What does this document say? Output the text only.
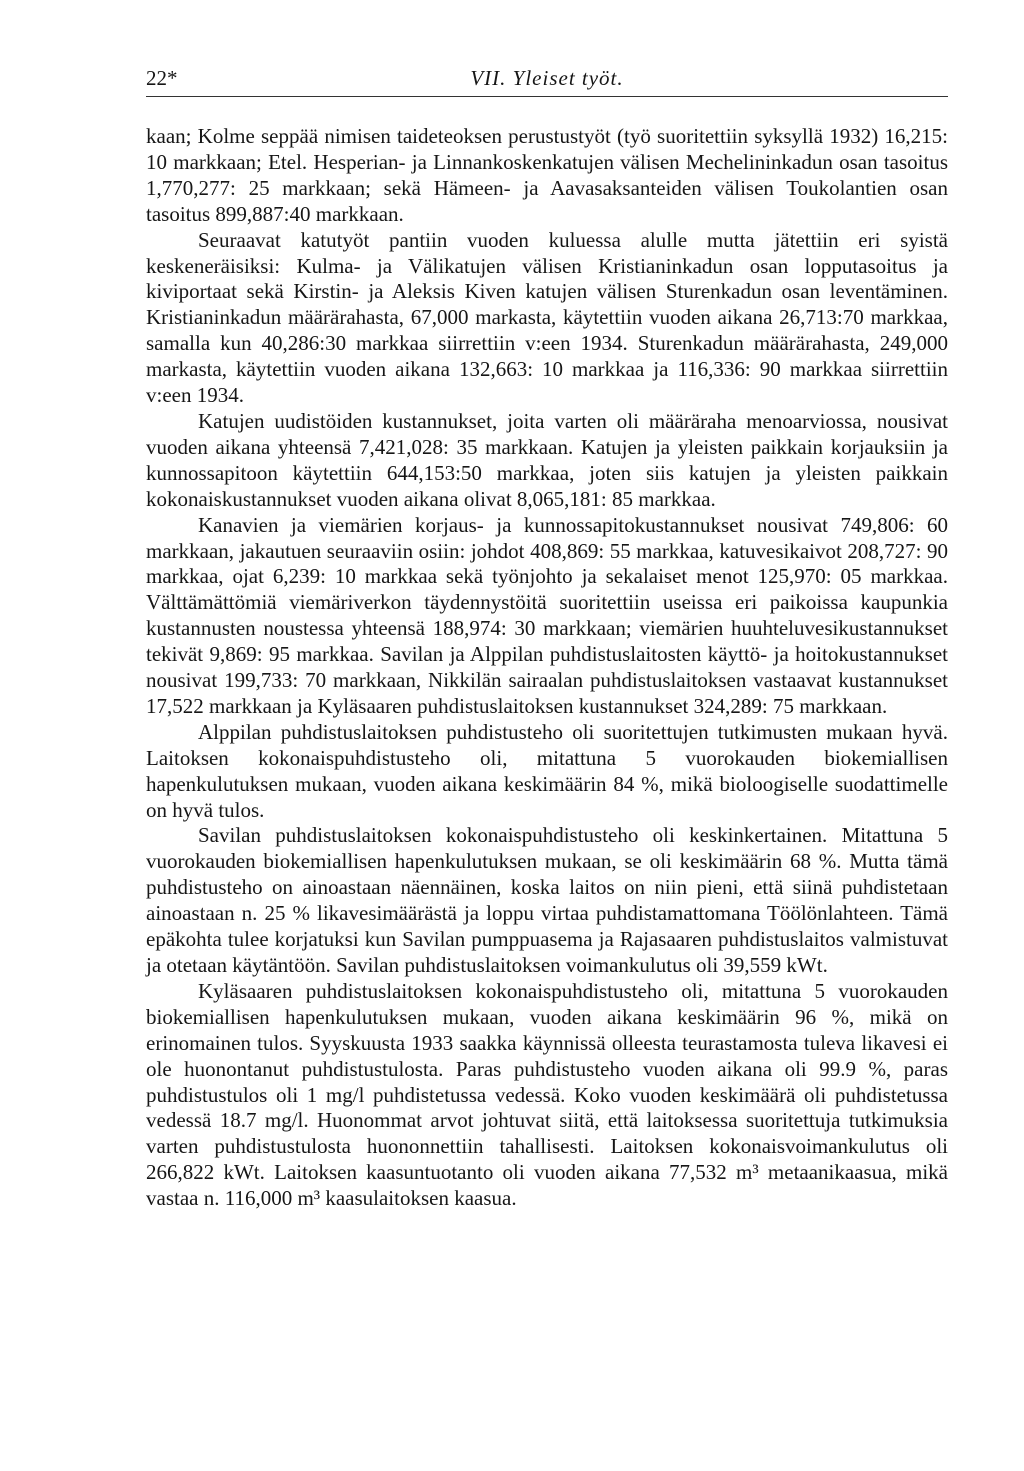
22*	VII. Yleiset työt.

kaan; Kolme seppää nimisen taideteoksen perustustyöt (työ suoritettiin syksyllä 1932) 16,215: 10 markkaan; Etel. Hesperian- ja Linnankoskenkatujen välisen Mechelininkadun osan tasoitus 1,770,277: 25 markkaan; sekä Hämeen- ja Aavasaksanteiden välisen Toukolantien osan tasoitus 899,887:40 markkaan.

Seuraavat katutyöt pantiin vuoden kuluessa alulle mutta jätettiin eri syistä keskeneräisiksi: Kulma- ja Välikatujen välisen Kristianinkadun osan lopputasoitus ja kiviportaat sekä Kirstin- ja Aleksis Kiven katujen välisen Sturenkadun osan leventäminen. Kristianinkadun määrärahasta, 67,000 markasta, käytettiin vuoden aikana 26,713:70 markkaa, samalla kun 40,286:30 markkaa siirrettiin v:een 1934. Sturenkadun määrärahasta, 249,000 markasta, käytettiin vuoden aikana 132,663: 10 markkaa ja 116,336: 90 markkaa siirrettiin v:een 1934.

Katujen uudistöiden kustannukset, joita varten oli määräraha menoarviossa, nousivat vuoden aikana yhteensä 7,421,028: 35 markkaan. Katujen ja yleisten paikkain korjauksiin ja kunnossapitoon käytettiin 644,153:50 markkaa, joten siis katujen ja yleisten paikkain kokonaiskustannukset vuoden aikana olivat 8,065,181: 85 markkaa.

Kanavien ja viemärien korjaus- ja kunnossapitokustannukset nousivat 749,806: 60 markkaan, jakautuen seuraaviin osiin: johdot 408,869: 55 markkaa, katuvesikaivot 208,727: 90 markkaa, ojat 6,239: 10 markkaa sekä työnjohto ja sekalaiset menot 125,970: 05 markkaa. Välttämättömiä viemäriverkon täydennystöitä suoritettiin useissa eri paikoissa kaupunkia kustannusten noustessa yhteensä 188,974: 30 markkaan; viemärien huuhteluvesikustannukset tekivät 9,869: 95 markkaa. Savilan ja Alppilan puhdistuslaitosten käyttö- ja hoitokustannukset nousivat 199,733: 70 markkaan, Nikkilän sairaalan puhdistuslaitoksen vastaavat kustannukset 17,522 markkaan ja Kyläsaaren puhdistuslaitoksen kustannukset 324,289: 75 markkaan.

Alppilan puhdistuslaitoksen puhdistusteho oli suoritettujen tutkimusten mukaan hyvä. Laitoksen kokonaispuhdistusteho oli, mitattuna 5 vuorokauden biokemiallisen hapenkulutuksen mukaan, vuoden aikana keskimäärin 84 %, mikä bioloogiselle suodattimelle on hyvä tulos.

Savilan puhdistuslaitoksen kokonaispuhdistusteho oli keskinkertainen. Mitattuna 5 vuorokauden biokemiallisen hapenkulutuksen mukaan, se oli keskimäärin 68 %. Mutta tämä puhdistusteho on ainoastaan näennäinen, koska laitos on niin pieni, että siinä puhdistetaan ainoastaan n. 25 % likavesimäärästä ja loppu virtaa puhdistamattomana Töölönlahteen. Tämä epäkohta tulee korjatuksi kun Savilan pumppuasema ja Rajasaaren puhdistuslaitos valmistuvat ja otetaan käytäntöön. Savilan puhdistuslaitoksen voimankulutus oli 39,559 kWt.

Kyläsaaren puhdistuslaitoksen kokonaispuhdistusteho oli, mitattuna 5 vuorokauden biokemiallisen hapenkulutuksen mukaan, vuoden aikana keskimäärin 96 %, mikä on erinomainen tulos. Syyskuusta 1933 saakka käynnissä olleesta teurastamosta tuleva likavesi ei ole huonontanut puhdistustulosta. Paras puhdistusteho vuoden aikana oli 99.9 %, paras puhdistustulos oli 1 mg/l puhdistetussa vedessä. Koko vuoden keskimäärä oli puhdistetussa vedessä 18.7 mg/l. Huonommat arvot johtuvat siitä, että laitoksessa suoritettuja tutkimuksia varten puhdistustulosta huononnettiin tahallisesti. Laitoksen kokonaisvoimankulutus oli 266,822 kWt. Laitoksen kaasuntuotanto oli vuoden aikana 77,532 m³ metaanikaasua, mikä vastaa n. 116,000 m³ kaasulaitoksen kaasua.
